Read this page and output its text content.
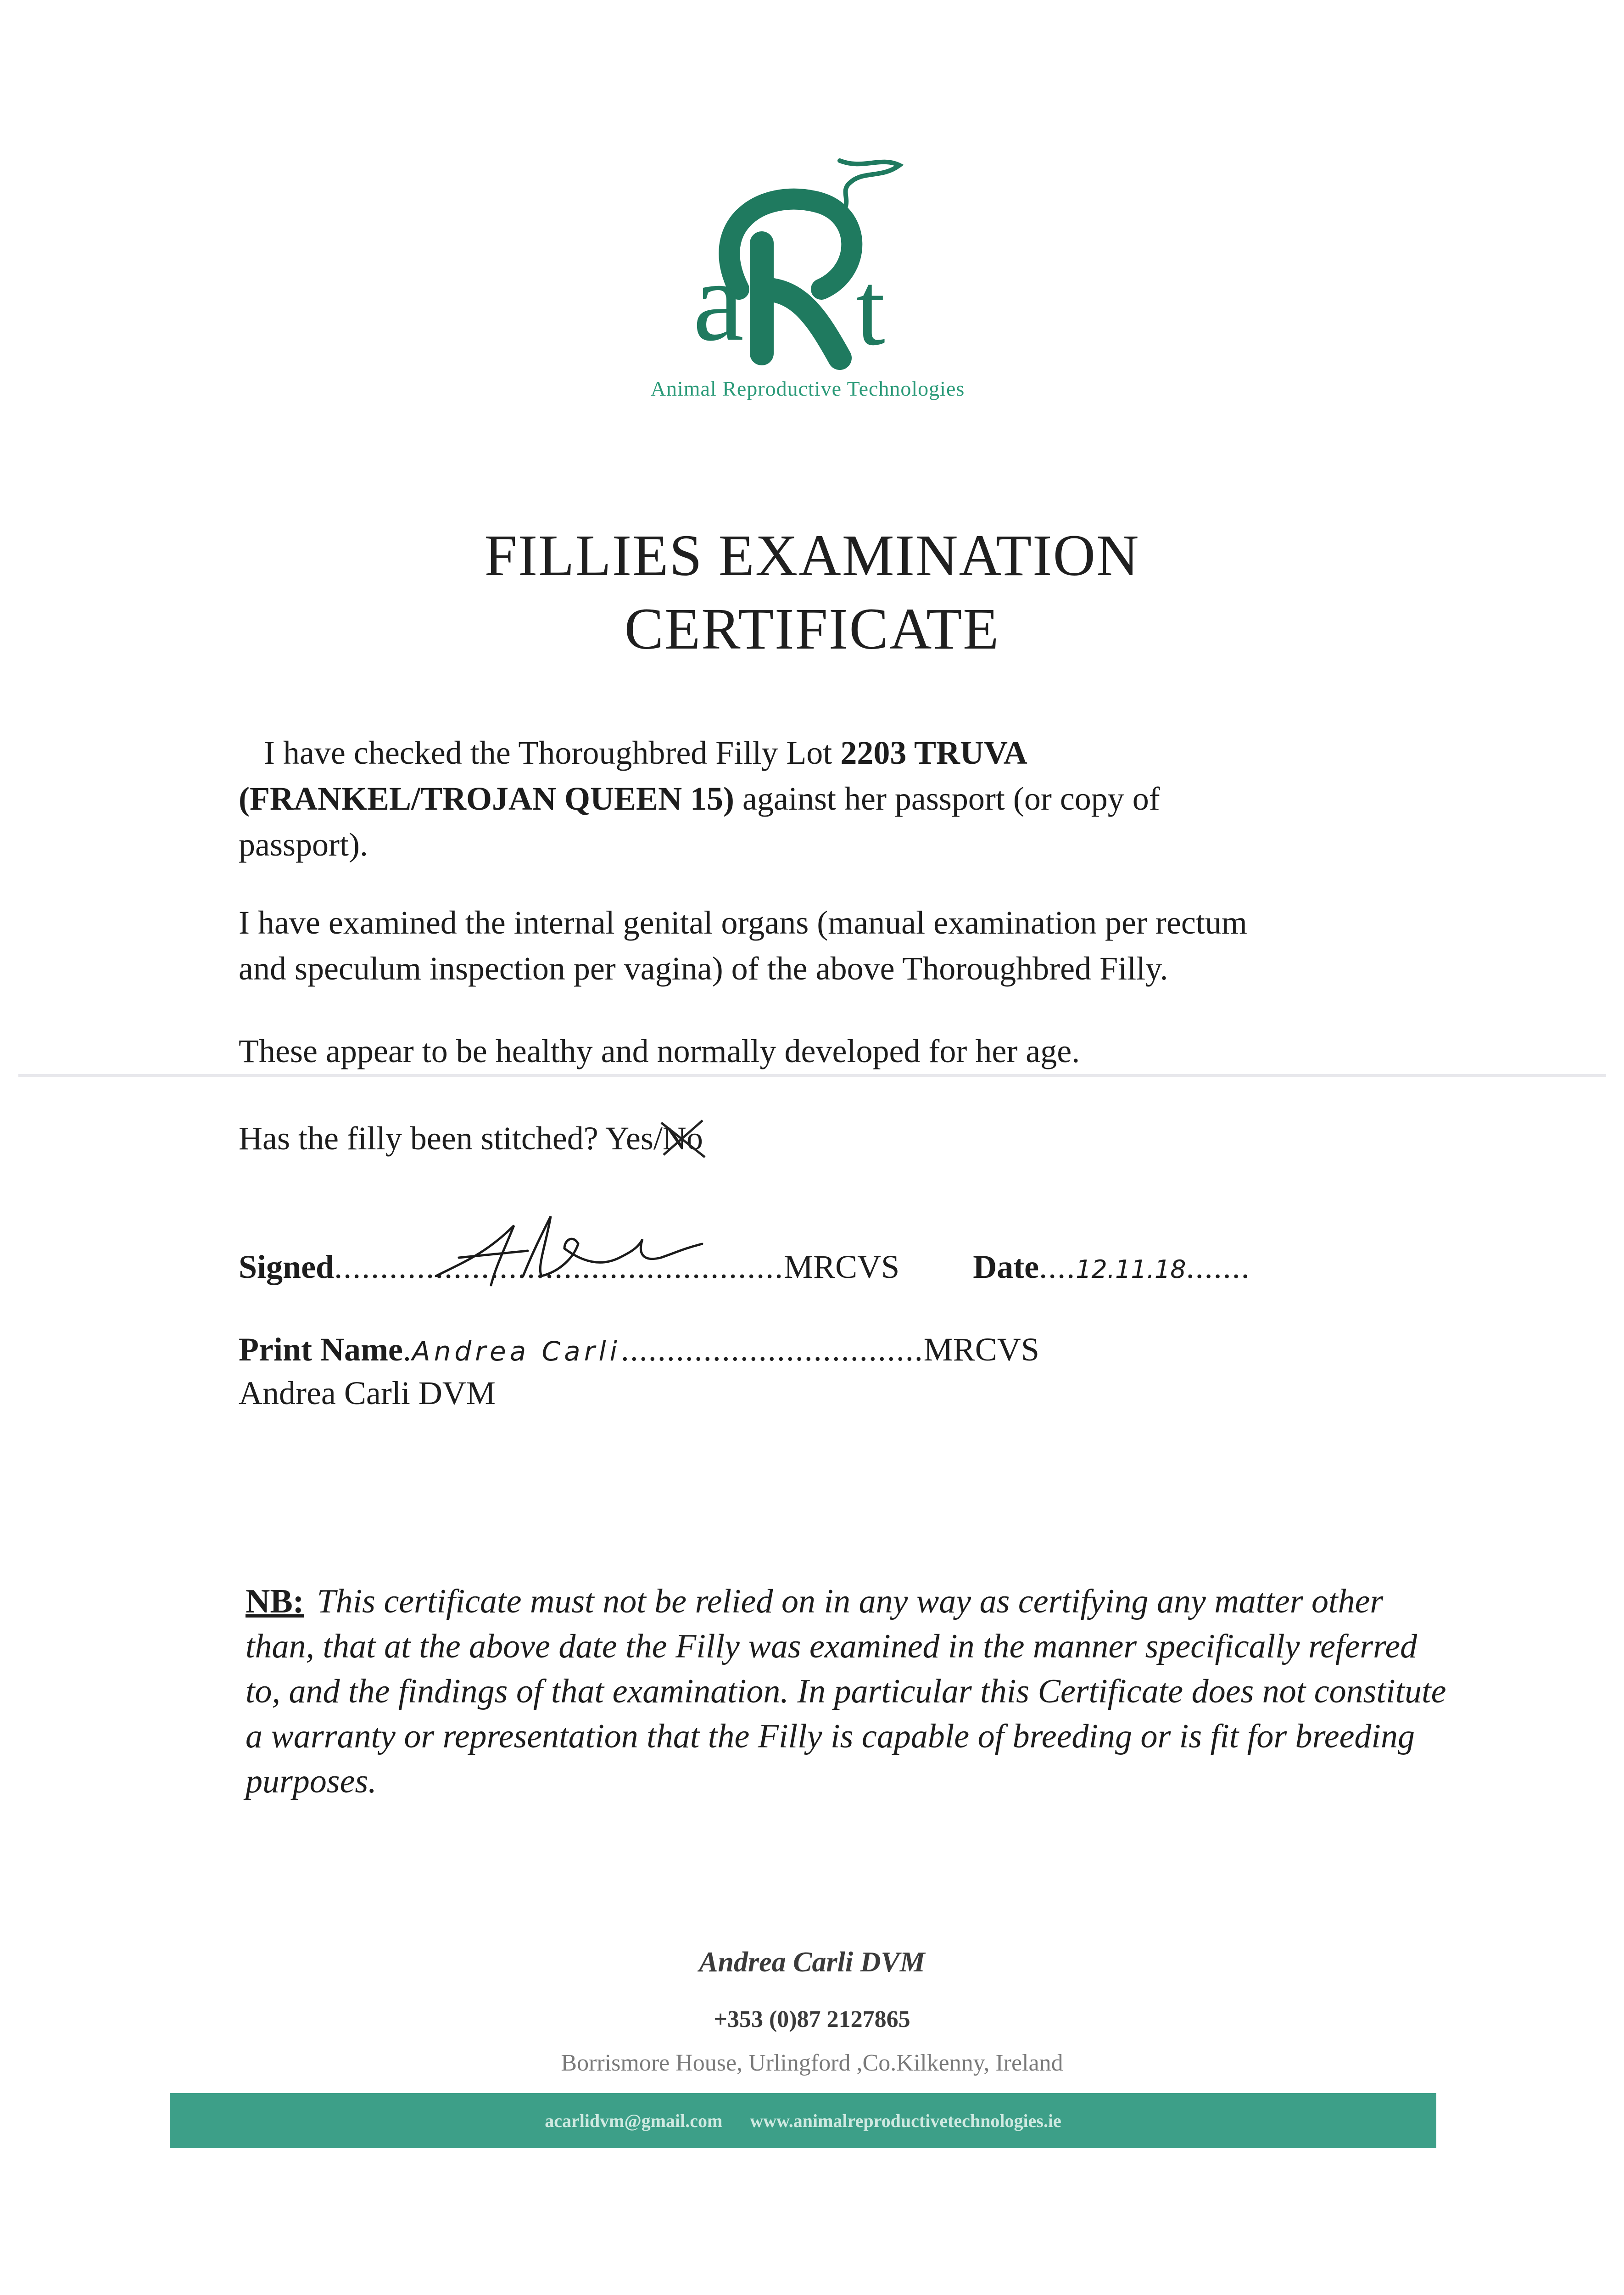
a t
Animal Reproductive Technologies
FILLIES EXAMINATION
CERTIFICATE
I have checked the Thoroughbred Filly Lot 2203 TRUVA
(FRANKEL/TROJAN QUEEN 15) against her passport (or copy of
passport).
I have examined the internal genital organs (manual examination per rectum
and speculum inspection per vagina) of the above Thoroughbred Filly.
These appear to be healthy and normally developed for her age.
Has the filly been stitched? Yes/No
Signed.................................................MRCVS Date....12.11.18.......
Print Name.Andrea Carli.................................MRCVS
Andrea Carli DVM
NB: This certificate must not be relied on in any way as certifying any matter other than, that at the above date the Filly was examined in the manner specifically referred to, and the findings of that examination. In particular this Certificate does not constitute a warranty or representation that the Filly is capable of breeding or is fit for breeding purposes.
Andrea Carli DVM
+353 (0)87 2127865
Borrismore House, Urlingford ,Co.Kilkenny, Ireland
acarlidvm@gmail.com www.animalreproductivetechnologies.ie
